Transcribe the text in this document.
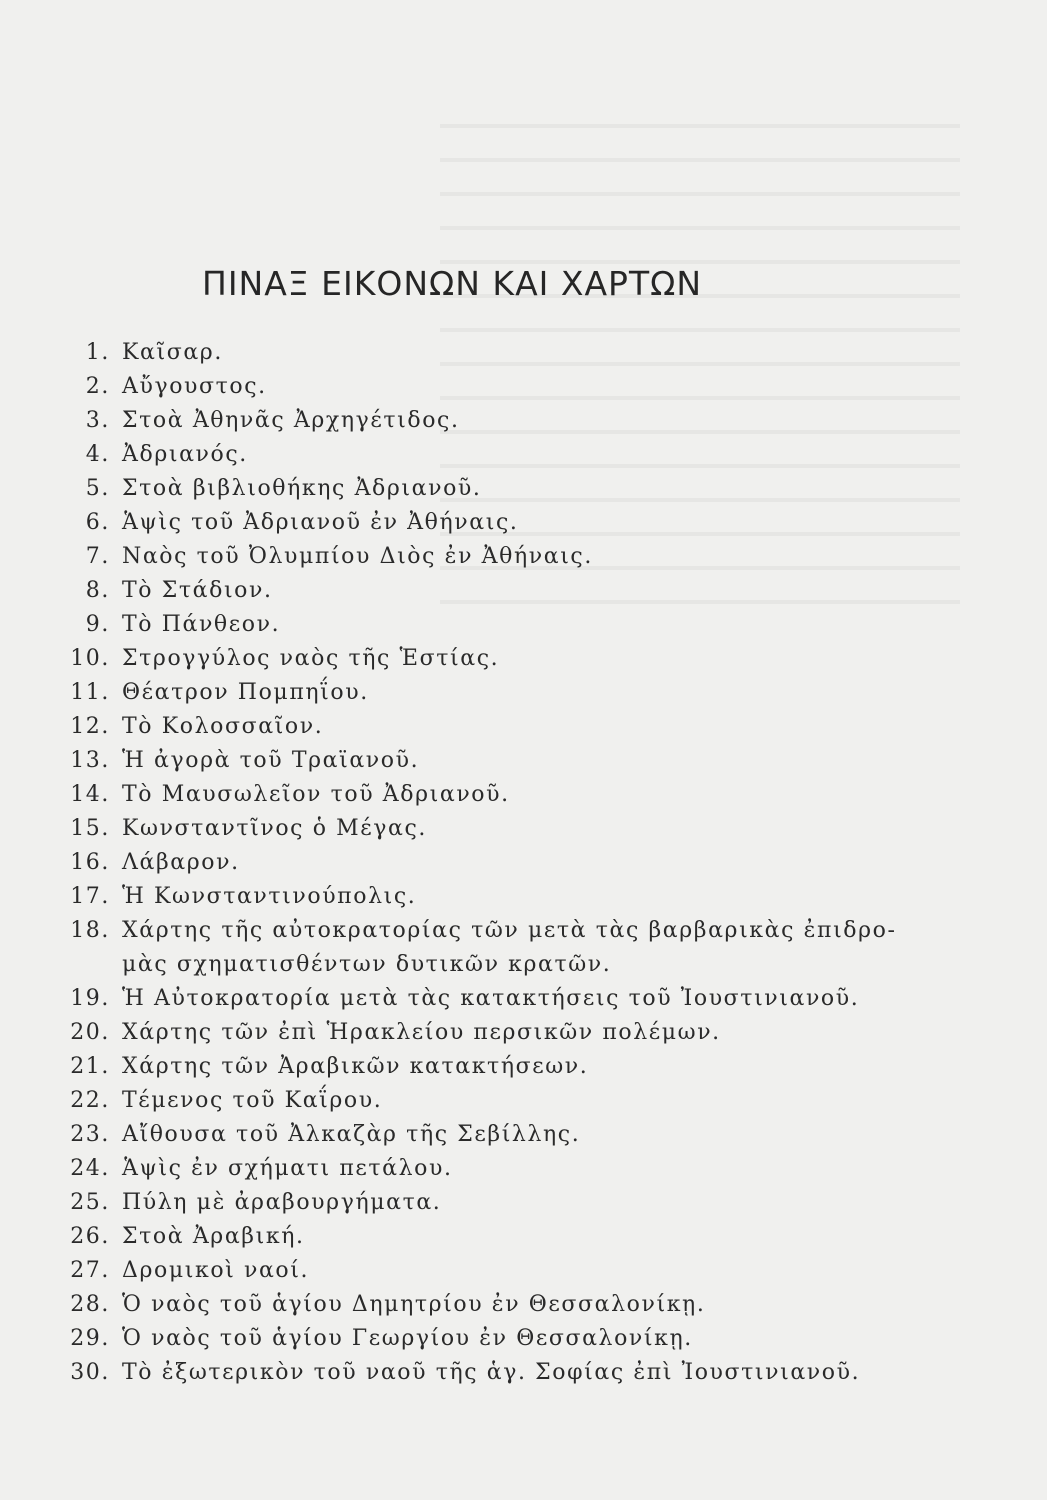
ΠΙΝΑΞ ΕΙΚΟΝΩΝ ΚΑΙ ΧΑΡΤΩΝ
1. Καῖσαρ.
2. Αὔγουστος.
3. Στοὰ Ἀθηνᾶς Ἀρχηγέτιδος.
4. Ἀδριανός.
5. Στοὰ βιβλιοθήκης Ἀδριανοῦ.
6. Ἁψὶς τοῦ Ἀδριανοῦ ἐν Ἀθήναις.
7. Ναὸς τοῦ Ὀλυμπίου Διὸς ἐν Ἀθήναις.
8. Τὸ Στάδιον.
9. Τὸ Πάνθεον.
10. Στρογγύλος ναὸς τῆς Ἑστίας.
11. Θέατρον Πομπηΐου.
12. Τὸ Κολοσσαῖον.
13. Ἡ ἀγορὰ τοῦ Τραϊανοῦ.
14. Τὸ Μαυσωλεῖον τοῦ Ἀδριανοῦ.
15. Κωνσταντῖνος ὁ Μέγας.
16. Λάβαρον.
17. Ἡ Κωνσταντινούπολις.
18. Χάρτης τῆς αὐτοκρατορίας τῶν μετὰ τὰς βαρβαρικὰς ἐπιδρο-
μὰς σχηματισθέντων δυτικῶν κρατῶν.
19. Ἡ Αὐτοκρατορία μετὰ τὰς κατακτήσεις τοῦ Ἰουστινιανοῦ.
20. Χάρτης τῶν ἐπὶ Ἡρακλείου περσικῶν πολέμων.
21. Χάρτης τῶν Ἀραβικῶν κατακτήσεων.
22. Τέμενος τοῦ Καΐρου.
23. Αἴθουσα τοῦ Ἀλκαζὰρ τῆς Σεβίλλης.
24. Ἁψὶς ἐν σχήματι πετάλου.
25. Πύλη μὲ ἀραβουργήματα.
26. Στοὰ Ἀραβική.
27. Δρομικοὶ ναοί.
28. Ὁ ναὸς τοῦ ἁγίου Δημητρίου ἐν Θεσσαλονίκῃ.
29. Ὁ ναὸς τοῦ ἁγίου Γεωργίου ἐν Θεσσαλονίκῃ.
30. Τὸ ἐξωτερικὸν τοῦ ναοῦ τῆς ἁγ. Σοφίας ἐπὶ Ἰουστινιανοῦ.
